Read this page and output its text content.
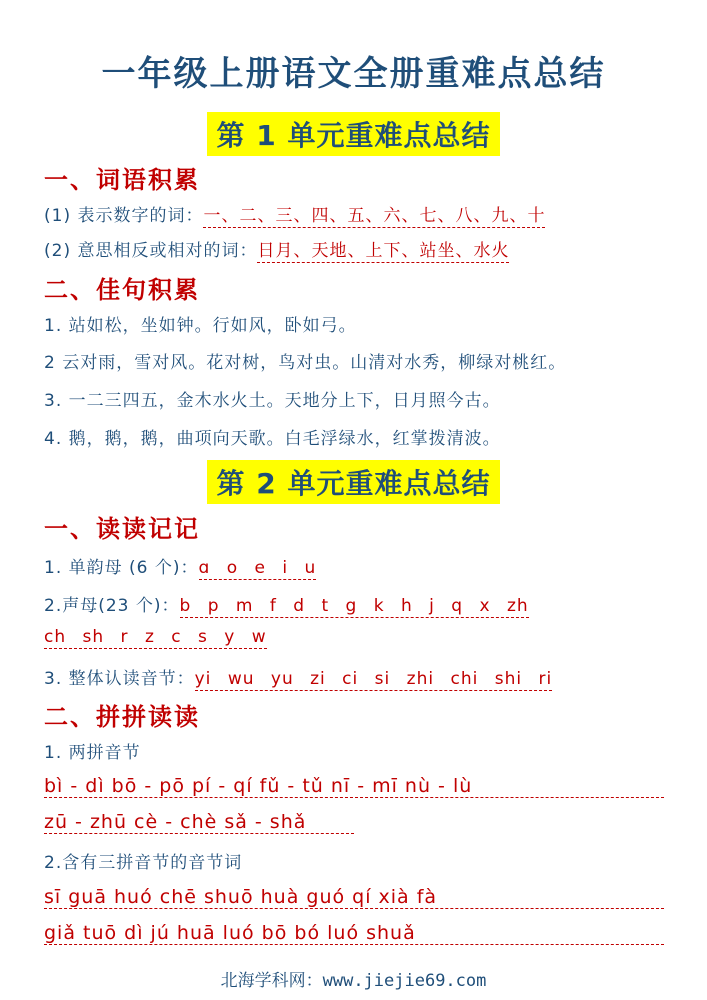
一年级上册语文全册重难点总结
第 1 单元重难点总结
一、词语积累
(1) 表示数字的词：一、二、三、四、五、六、七、八、九、十
(2) 意思相反或相对的词：日月、天地、上下、站坐、水火
二、佳句积累
1. 站如松，坐如钟。行如风，卧如弓。
2 云对雨，雪对风。花对树，鸟对虫。山清对水秀，柳绿对桃红。
3. 一二三四五，金木水火土。天地分上下，日月照今古。
4. 鹅，鹅，鹅，曲项向天歌。白毛浮绿水，红掌拨清波。
第 2 单元重难点总结
一、读读记记
1. 单韵母 (6 个)：ɑ o e i u
2.声母(23 个)：b p m f d t g k h j q x zh
ch sh r z c s y w
3. 整体认读音节：yi wu yu zi ci si zhi chi shi ri
二、拼拼读读
1. 两拼音节
bì - dì bō - pō pí - qí fǔ - tǔ nī - mī nù - lù
zū - zhū cè - chè sǎ - shǎ
2.含有三拼音节的音节词
sī guā huó chē shuō huà guó qí xià fà
giǎ tuō dì jú huā luó bō bó luó shuǎ
北海学科网：www.jiejie69.com
